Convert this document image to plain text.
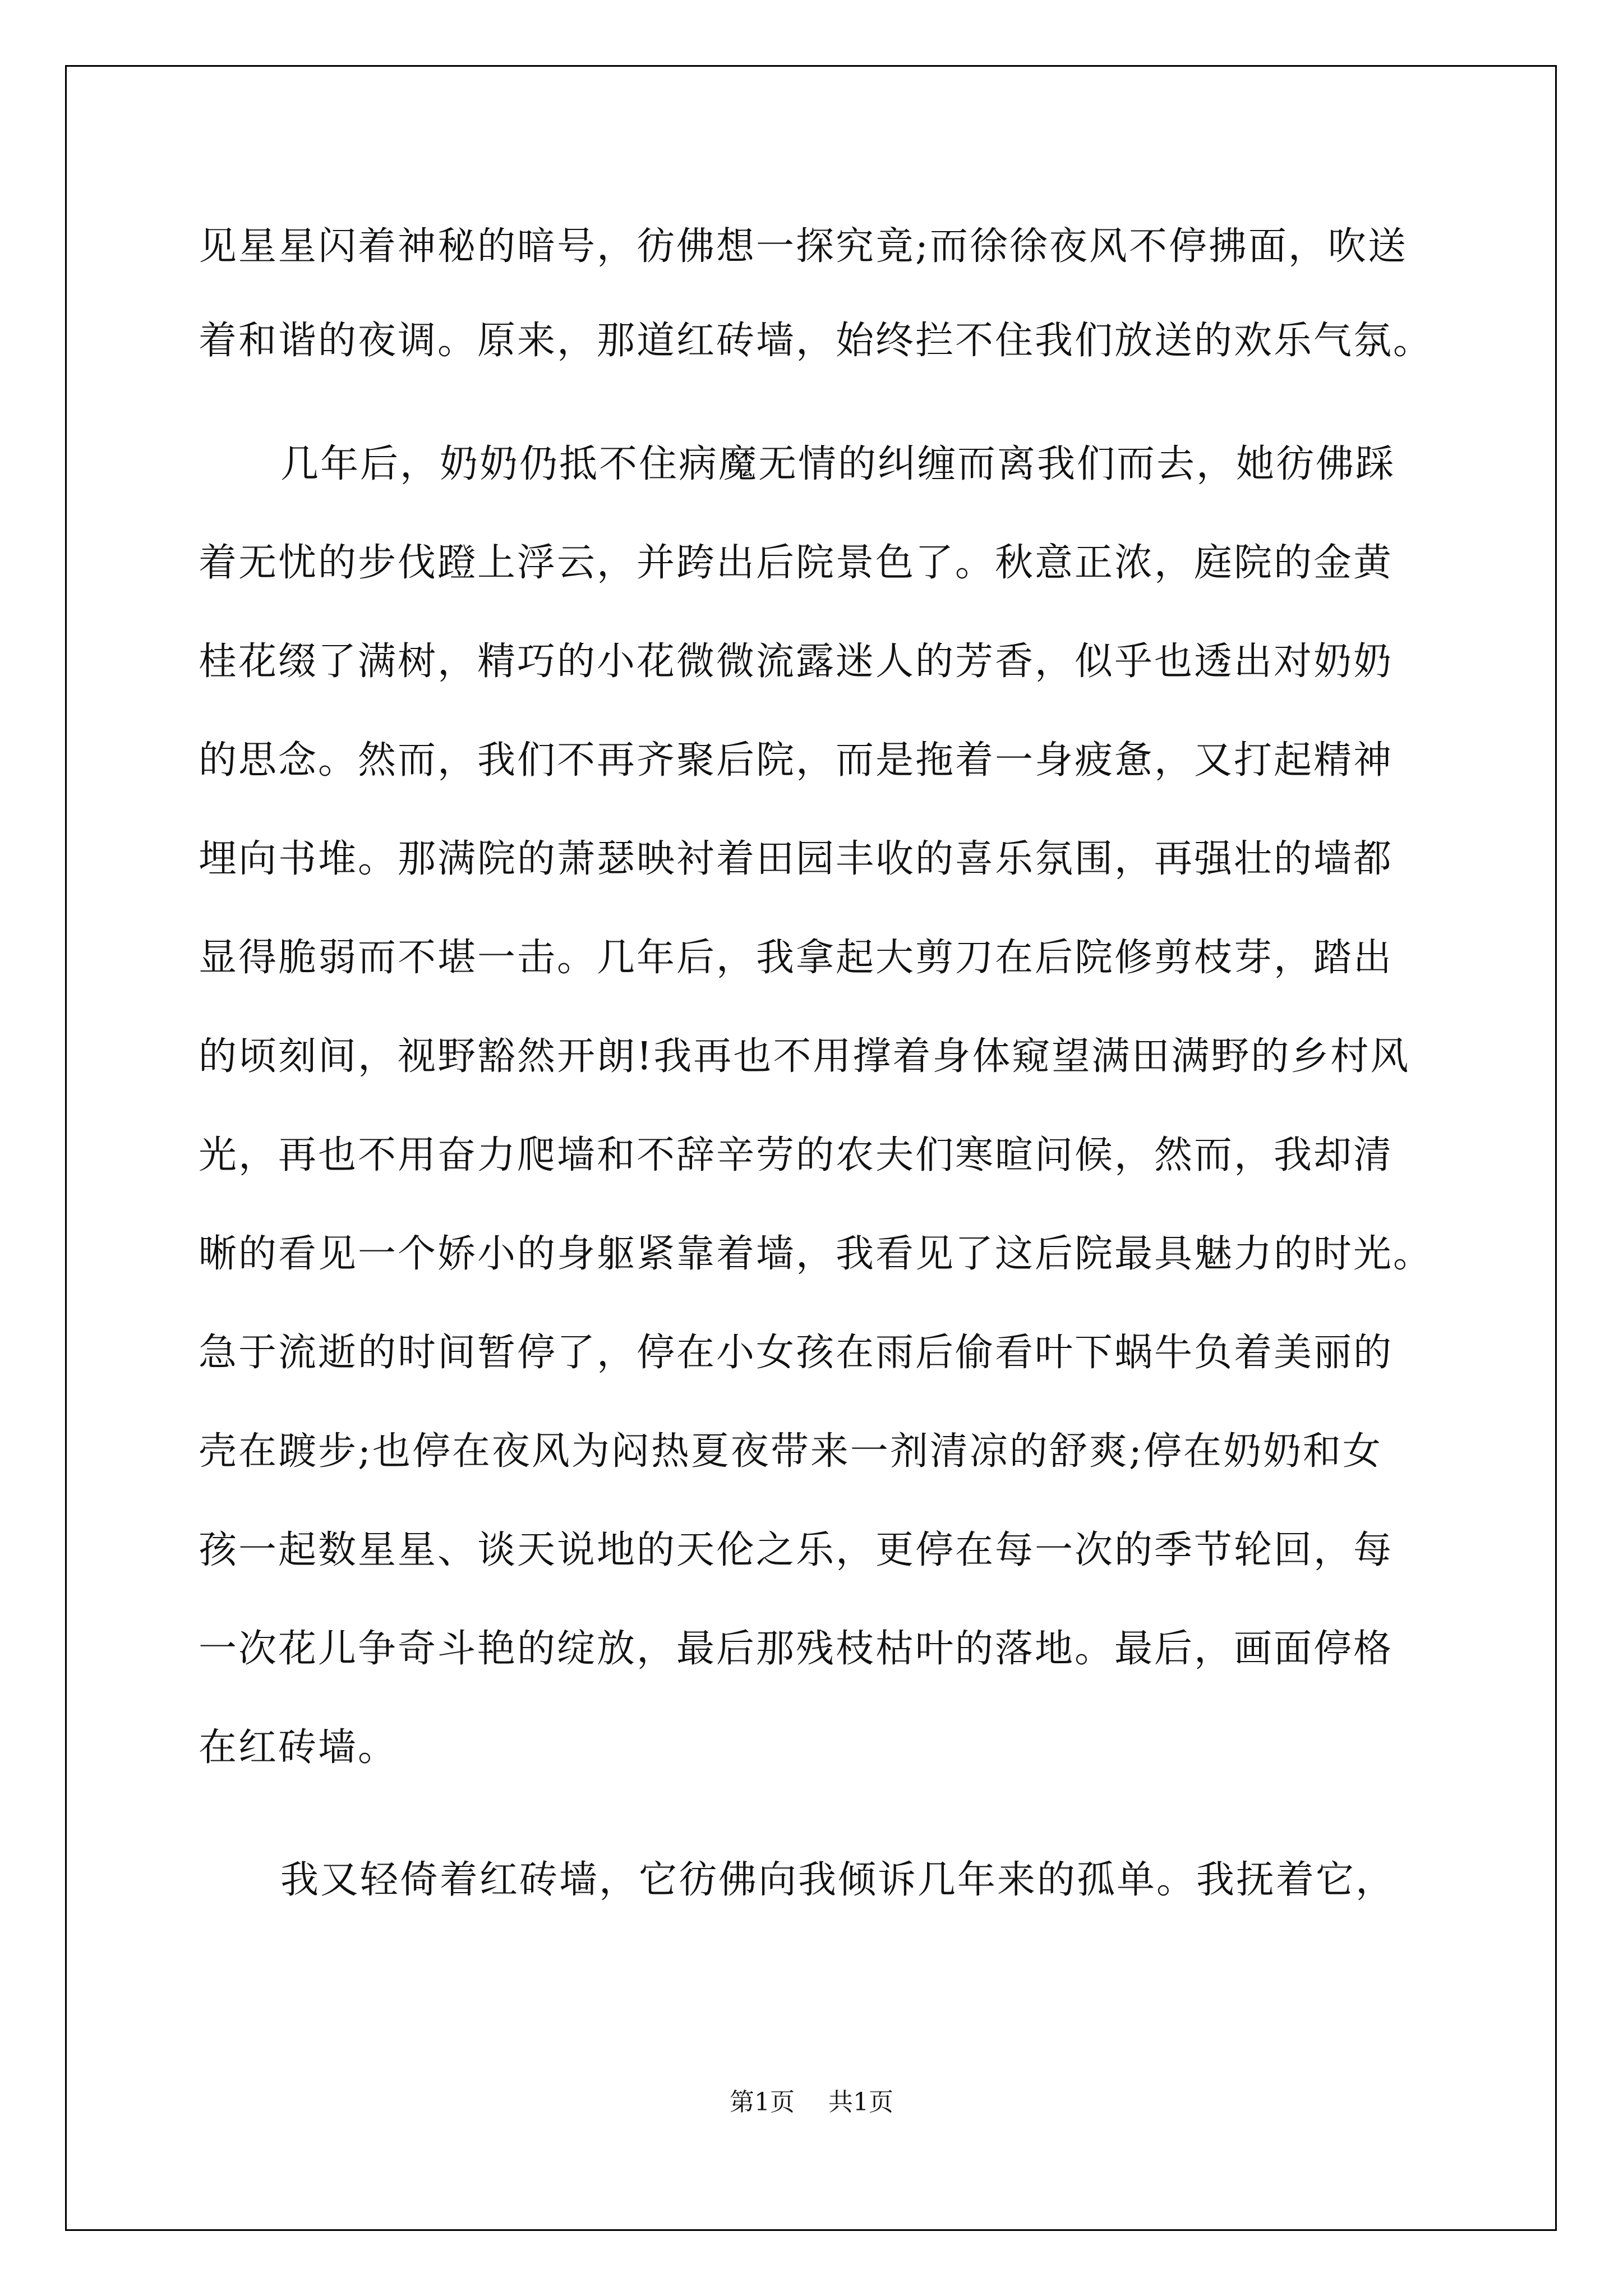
见星星闪着神秘的暗号，彷佛想一探究竟;而徐徐夜风不停拂面，吹送
着和谐的夜调。原来，那道红砖墙，始终拦不住我们放送的欢乐气氛。
几年后，奶奶仍抵不住病魔无情的纠缠而离我们而去，她彷佛踩
着无忧的步伐蹬上浮云，并跨出后院景色了。秋意正浓，庭院的金黄
桂花缀了满树，精巧的小花微微流露迷人的芳香，似乎也透出对奶奶
的思念。然而，我们不再齐聚后院，而是拖着一身疲惫，又打起精神
埋向书堆。那满院的萧瑟映衬着田园丰收的喜乐氛围，再强壮的墙都
显得脆弱而不堪一击。几年后，我拿起大剪刀在后院修剪枝芽，踏出
的顷刻间，视野豁然开朗!我再也不用撑着身体窥望满田满野的乡村风
光，再也不用奋力爬墙和不辞辛劳的农夫们寒暄问候，然而，我却清
晰的看见一个娇小的身躯紧靠着墙，我看见了这后院最具魅力的时光。
急于流逝的时间暂停了，停在小女孩在雨后偷看叶下蜗牛负着美丽的
壳在踱步;也停在夜风为闷热夏夜带来一剂清凉的舒爽;停在奶奶和女
孩一起数星星、谈天说地的天伦之乐，更停在每一次的季节轮回，每
一次花儿争奇斗艳的绽放，最后那残枝枯叶的落地。最后，画面停格
在红砖墙。
我又轻倚着红砖墙，它彷佛向我倾诉几年来的孤单。我抚着它，
第1页 共1页
